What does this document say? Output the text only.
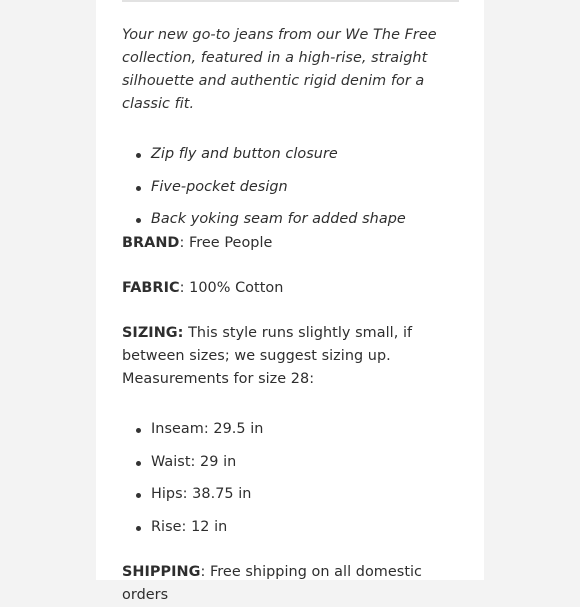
Your new go-to jeans from our We The Free collection, featured in a high-rise, straight silhouette and authentic rigid denim for a classic fit.

Zip fly and button closure
Five-pocket design
Back yoking seam for added shape

BRAND: Free People

FABRIC: 100% Cotton

SIZING: This style runs slightly small, if between sizes; we suggest sizing up.

Measurements for size 28:

Inseam: 29.5 in
Waist: 29 in
Hips: 38.75 in
Rise: 12 in

SHIPPING: Free shipping on all domestic orders
